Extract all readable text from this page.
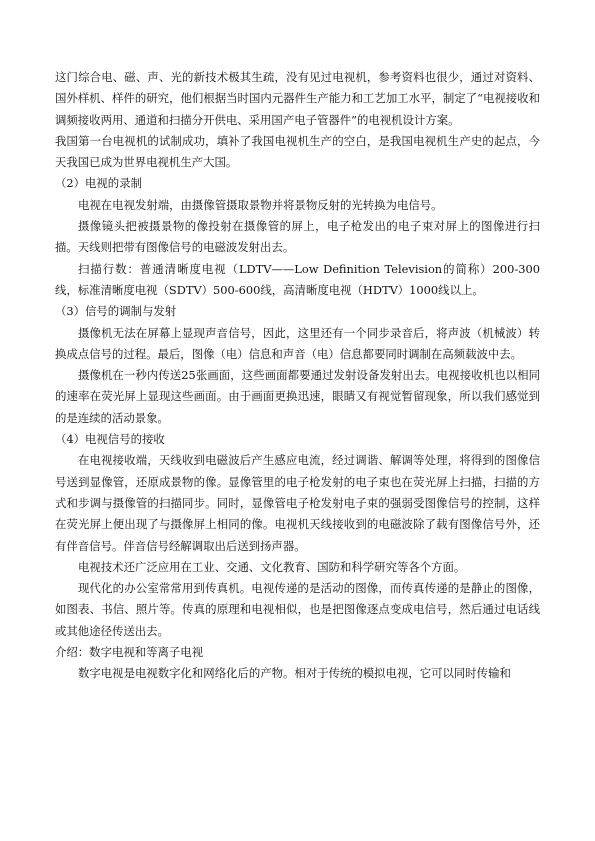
这门综合电、磁、声、光的新技术极其生疏，没有见过电视机，参考资料也很少，通过对资料、国外样机、样件的研究，他们根据当时国内元器件生产能力和工艺加工水平，制定了“电视接收和调频接收两用、通道和扫描分开供电、采用国产电子管器件”的电视机设计方案。

我国第一台电视机的试制成功，填补了我国电视机生产的空白，是我国电视机生产史的起点，今天我国已成为世界电视机生产大国。

（2）电视的录制

电视在电视发射端，由摄像管摄取景物并将景物反射的光转换为电信号。

摄像镜头把被摄景物的像投射在摄像管的屏上，电子枪发出的电子束对屏上的图像进行扫描。天线则把带有图像信号的电磁波发射出去。

扫描行数：普通清晰度电视（LDTV——Low Definition Television的简称）200-300线，标准清晰度电视（SDTV）500-600线，高清晰度电视（HDTV）1000线以上。

（3）信号的调制与发射

摄像机无法在屏幕上显现声音信号，因此，这里还有一个同步录音后，将声波（机械波）转换成点信号的过程。最后，图像（电）信息和声音（电）信息都要同时调制在高频载波中去。

摄像机在一秒内传送25张画面，这些画面都要通过发射设备发射出去。电视接收机也以相同的速率在荧光屏上显现这些画面。由于画面更换迅速，眼睛又有视觉暂留现象，所以我们感觉到的是连续的活动景象。

（4）电视信号的接收

在电视接收端，天线收到电磁波后产生感应电流，经过调谐、解调等处理，将得到的图像信号送到显像管，还原成景物的像。显像管里的电子枪发射的电子束也在荧光屏上扫描，扫描的方式和步调与摄像管的扫描同步。同时，显像管电子枪发射电子束的强弱受图像信号的控制，这样在荧光屏上便出现了与摄像屏上相同的像。电视机天线接收到的电磁波除了载有图像信号外，还有伴音信号。伴音信号经解调取出后送到扬声器。

电视技术还广泛应用在工业、交通、文化教育、国防和科学研究等各个方面。

现代化的办公室常常用到传真机。电视传递的是活动的图像，而传真传递的是静止的图像，如图表、书信、照片等。传真的原理和电视相似，也是把图像逐点变成电信号，然后通过电话线或其他途径传送出去。

介绍：数字电视和等离子电视

数字电视是电视数字化和网络化后的产物。相对于传统的模拟电视，它可以同时传输和
